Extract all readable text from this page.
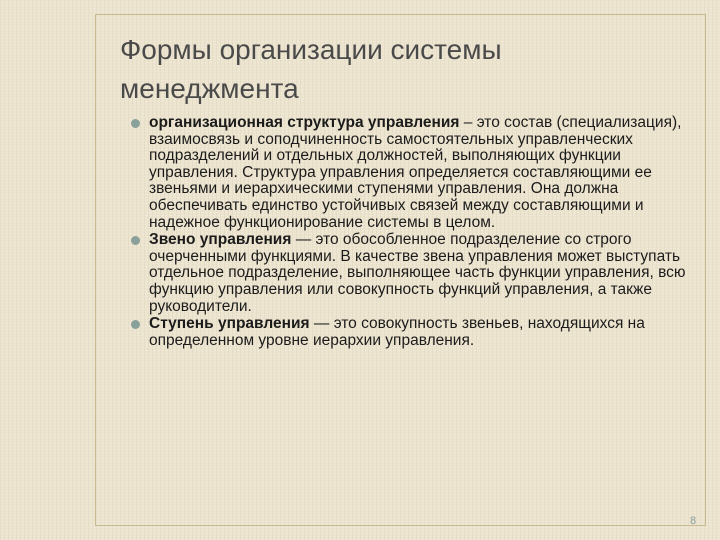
Формы организации системы менеджмента
организационная структура управления – это состав (специализация), взаимосвязь и соподчиненность самостоятельных управленческих подразделений и отдельных должностей, выполняющих функции управления. Структура управления определяется составляющими ее звеньями и иерархическими ступенями управления. Она должна обеспечивать единство устойчивых связей между составляющими и надежное функционирование системы в целом.
Звено управления — это обособленное подразделение со строго очерченными функциями. В качестве звена управления может выступать отдельное подразделение, выполняющее часть функции управления, всю функцию управления или совокупность функций управления, а также руководители.
Ступень управления — это совокупность звеньев, находящихся на определенном уровне иерархии управления.
8
